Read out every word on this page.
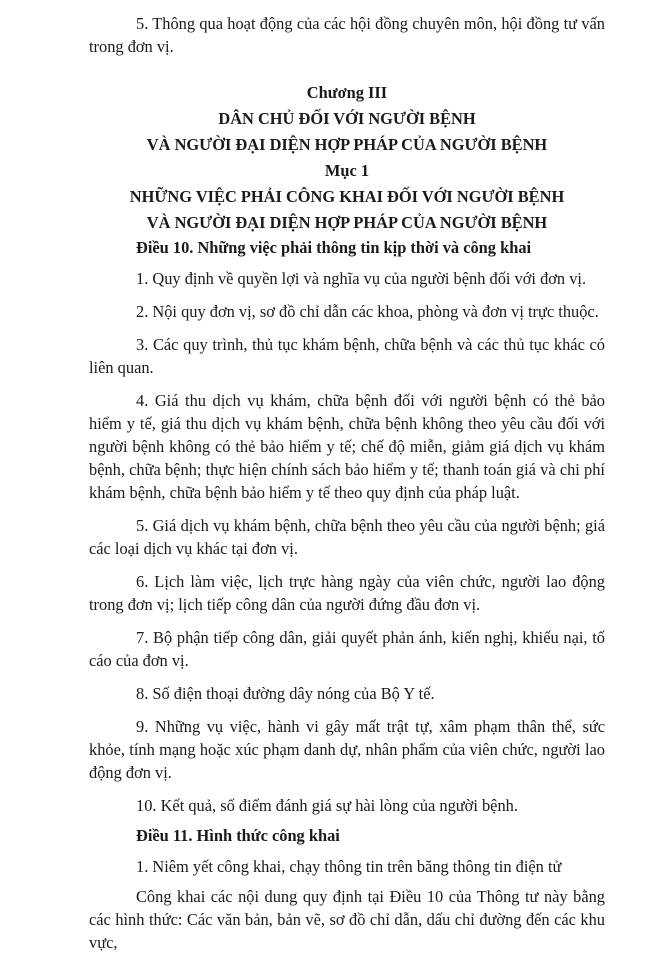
5. Thông qua hoạt động của các hội đồng chuyên môn, hội đồng tư vấn trong đơn vị.

Chương III

DÂN CHỦ ĐỐI VỚI NGƯỜI BỆNH

VÀ NGƯỜI ĐẠI DIỆN HỢP PHÁP CỦA NGƯỜI BỆNH

Mục 1

NHỮNG VIỆC PHẢI CÔNG KHAI ĐỐI VỚI NGƯỜI BỆNH

VÀ NGƯỜI ĐẠI DIỆN HỢP PHÁP CỦA NGƯỜI BỆNH

Điều 10. Những việc phải thông tin kịp thời và công khai

1. Quy định về quyền lợi và nghĩa vụ của người bệnh đối với đơn vị.

2. Nội quy đơn vị, sơ đồ chỉ dẫn các khoa, phòng và đơn vị trực thuộc.

3. Các quy trình, thủ tục khám bệnh, chữa bệnh và các thủ tục khác có liên quan.

4. Giá thu dịch vụ khám, chữa bệnh đối với người bệnh có thẻ bảo hiểm y tế, giá thu dịch vụ khám bệnh, chữa bệnh không theo yêu cầu đối với người bệnh không có thẻ bảo hiểm y tế; chế độ miễn, giảm giá dịch vụ khám bệnh, chữa bệnh; thực hiện chính sách bảo hiểm y tế; thanh toán giá và chi phí khám bệnh, chữa bệnh bảo hiểm y tế theo quy định của pháp luật.

5. Giá dịch vụ khám bệnh, chữa bệnh theo yêu cầu của người bệnh; giá các loại dịch vụ khác tại đơn vị.

6. Lịch làm việc, lịch trực hàng ngày của viên chức, người lao động trong đơn vị; lịch tiếp công dân của người đứng đầu đơn vị.

7. Bộ phận tiếp công dân, giải quyết phản ánh, kiến nghị, khiếu nại, tố cáo của đơn vị.

8. Số điện thoại đường dây nóng của Bộ Y tế.

9. Những vụ việc, hành vi gây mất trật tự, xâm phạm thân thể, sức khỏe, tính mạng hoặc xúc phạm danh dự, nhân phẩm của viên chức, người lao động đơn vị.

10. Kết quả, số điểm đánh giá sự hài lòng của người bệnh.

Điều 11. Hình thức công khai

1. Niêm yết công khai, chạy thông tin trên băng thông tin điện tử

Công khai các nội dung quy định tại Điều 10 của Thông tư này bằng các hình thức: Các văn bản, bản vẽ, sơ đồ chỉ dẫn, dấu chỉ đường đến các khu vực,
